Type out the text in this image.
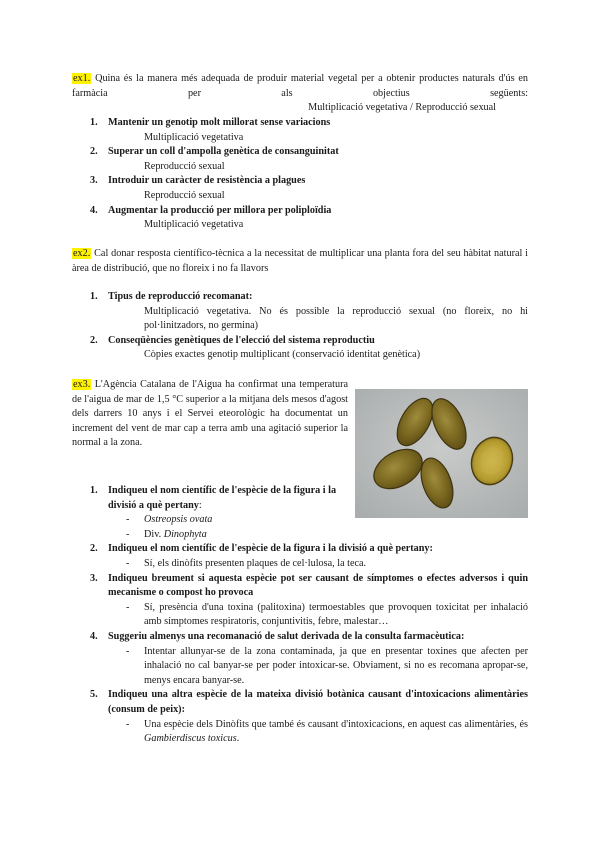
ex1. Quina és la manera més adequada de produir material vegetal per a obtenir productes naturals d'ús en farmàcia per als objectius següents:
Multiplicació vegetativa / Reproducció sexual
1. Mantenir un genotip molt millorat sense variacions
Multiplicació vegetativa
2. Superar un coll d'ampolla genètica de consanguinitat
Reproducció sexual
3. Introduir un caràcter de resistència a plagues
Reproducció sexual
4. Augmentar la producció per millora per poliploïdia
Multiplicació vegetativa
ex2. Cal donar resposta científico-tècnica a la necessitat de multiplicar una planta fora del seu hàbitat natural i àrea de distribució, que no floreix i no fa llavors
1. Tipus de reproducció recomanat:
Multiplicació vegetativa. No és possible la reproducció sexual (no floreix, no hi pol·linitzadors, no germina)
2. Conseqüències genètiques de l'elecció del sistema reproductiu
Còpies exactes genotip multiplicant (conservació identitat genètica)
ex3. L'Agència Catalana de l'Aigua ha confirmat una temperatura de l'aigua de mar de 1,5 °C superior a la mitjana dels mesos d'agost dels darrers 10 anys i el Servei eteorològic ha documentat un increment del vent de mar cap a terra amb una agitació superior la normal a la zona.
1. Indiqueu el nom científic de l'espècie de la figura i la divisió a què pertany:
- Ostreopsis ovata
- Div. Dinophyta
2. Indiqueu el nom científic de l'espècie de la figura i la divisió a què pertany:
- Sí, els dinòfits presenten plaques de cel·lulosa, la teca.
3. Indiqueu breument si aquesta espècie pot ser causant de símptomes o efectes adversos i quin mecanisme o compost ho provoca
- Sí, presència d'una toxina (palitoxina) termoestables que provoquen toxicitat per inhalació amb símptomes respiratoris, conjuntivitis, febre, malestar…
4. Suggeriu almenys una recomanació de salut derivada de la consulta farmacèutica:
- Intentar allunyar-se de la zona contaminada, ja que en presentar toxines que afecten per inhalació no cal banyar-se per poder intoxicar-se. Obviament, si no es recomana apropar-se, menys encara banyar-se.
5. Indiqueu una altra espècie de la mateixa divisió botànica causant d'intoxicacions alimentàries (consum de peix):
- Una espècie dels Dinòfits que també és causant d'intoxicacions, en aquest cas alimentàries, és Gambierdiscus toxicus.
